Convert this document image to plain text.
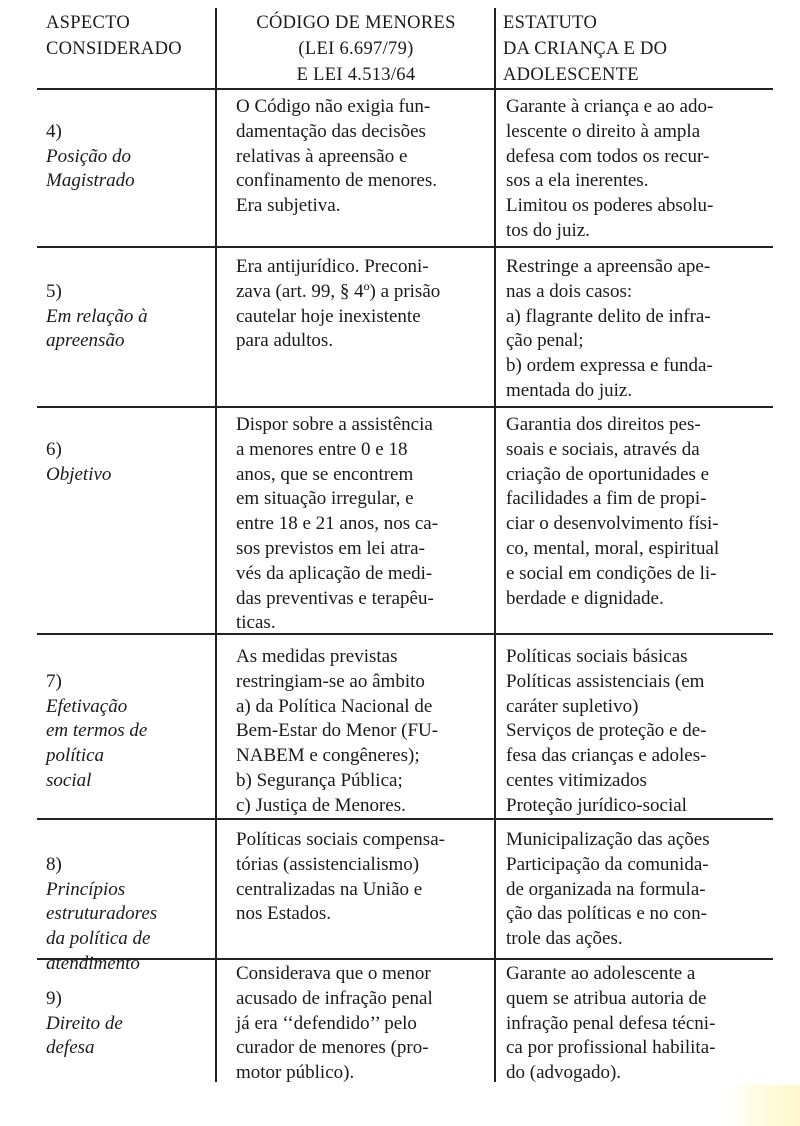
ASPECTO
CONSIDERADO
CÓDIGO DE MENORES
(LEI 6.697/79)
E LEI 4.513/64
ESTATUTO
DA CRIANÇA E DO
ADOLESCENTE

4)
Posição do
Magistrado

O Código não exigia fun-
damentação das decisões
relativas à apreensão e
confinamento de menores.
Era subjetiva.
Garante à criança e ao ado-
lescente o direito à ampla
defesa com todos os recur-
sos a ela inerentes.
Limitou os poderes absolu-
tos do juiz.

5)
Em relação à
apreensão

Era antijurídico. Preconi-
zava (art. 99, § 4º) a prisão
cautelar hoje inexistente
para adultos.
Restringe a apreensão ape-
nas a dois casos:
a) flagrante delito de infra-
ção penal;
b) ordem expressa e funda-
mentada do juiz.

6)
Objetivo

Dispor sobre a assistência
a menores entre 0 e 18
anos, que se encontrem
em situação irregular, e
entre 18 e 21 anos, nos ca-
sos previstos em lei atra-
vés da aplicação de medi-
das preventivas e terapêu-
ticas.
Garantia dos direitos pes-
soais e sociais, através da
criação de oportunidades e
facilidades a fim de propi-
ciar o desenvolvimento físi-
co, mental, moral, espiritual
e social em condições de li-
berdade e dignidade.

7)
Efetivação
em termos de
política
social

As medidas previstas
restringiam-se ao âmbito
a) da Política Nacional de
Bem-Estar do Menor (FU-
NABEM e congêneres);
b) Segurança Pública;
c) Justiça de Menores.
Políticas sociais básicas
Políticas assistenciais (em
caráter supletivo)
Serviços de proteção e de-
fesa das crianças e adoles-
centes vitimizados
Proteção jurídico-social

8)
Princípios
estruturadores
da política de
atendimento

Políticas sociais compensa-
tórias (assistencialismo)
centralizadas na União e
nos Estados.
Municipalização das ações
Participação da comunida-
de organizada na formula-
ção das políticas e no con-
trole das ações.

9)
Direito de
defesa

Considerava que o menor
acusado de infração penal
já era ‘‘defendido’’ pelo
curador de menores (pro-
motor público).
Garante ao adolescente a
quem se atribua autoria de
infração penal defesa técni-
ca por profissional habilita-
do (advogado).
